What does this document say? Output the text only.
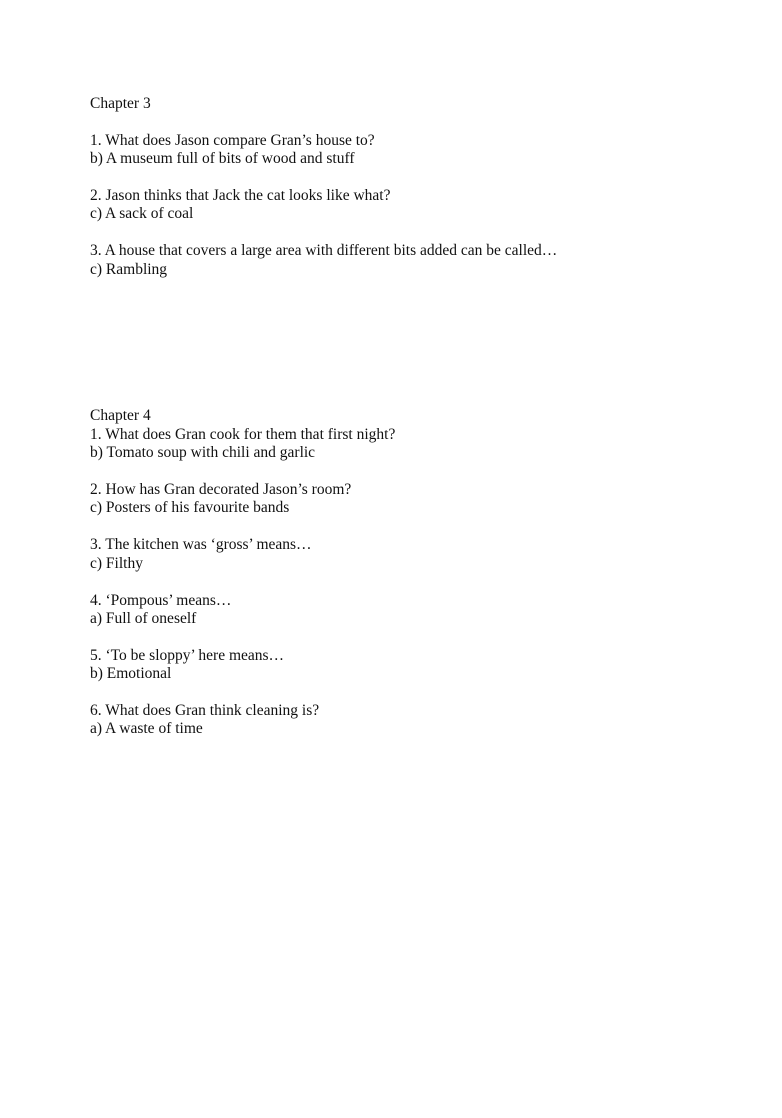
Chapter 3
1. What does Jason compare Gran’s house to?
b) A museum full of bits of wood and stuff
2. Jason thinks that Jack the cat looks like what?
c) A sack of coal
3. A house that covers a large area with different bits added can be called…
c) Rambling
Chapter 4
1. What does Gran cook for them that first night?
b) Tomato soup with chili and garlic
2. How has Gran decorated Jason’s room?
c) Posters of his favourite bands
3. The kitchen was ‘gross’ means…
c) Filthy
4. ‘Pompous’ means…
a) Full of oneself
5. ‘To be sloppy’ here means…
b) Emotional
6. What does Gran think cleaning is?
a) A waste of time
